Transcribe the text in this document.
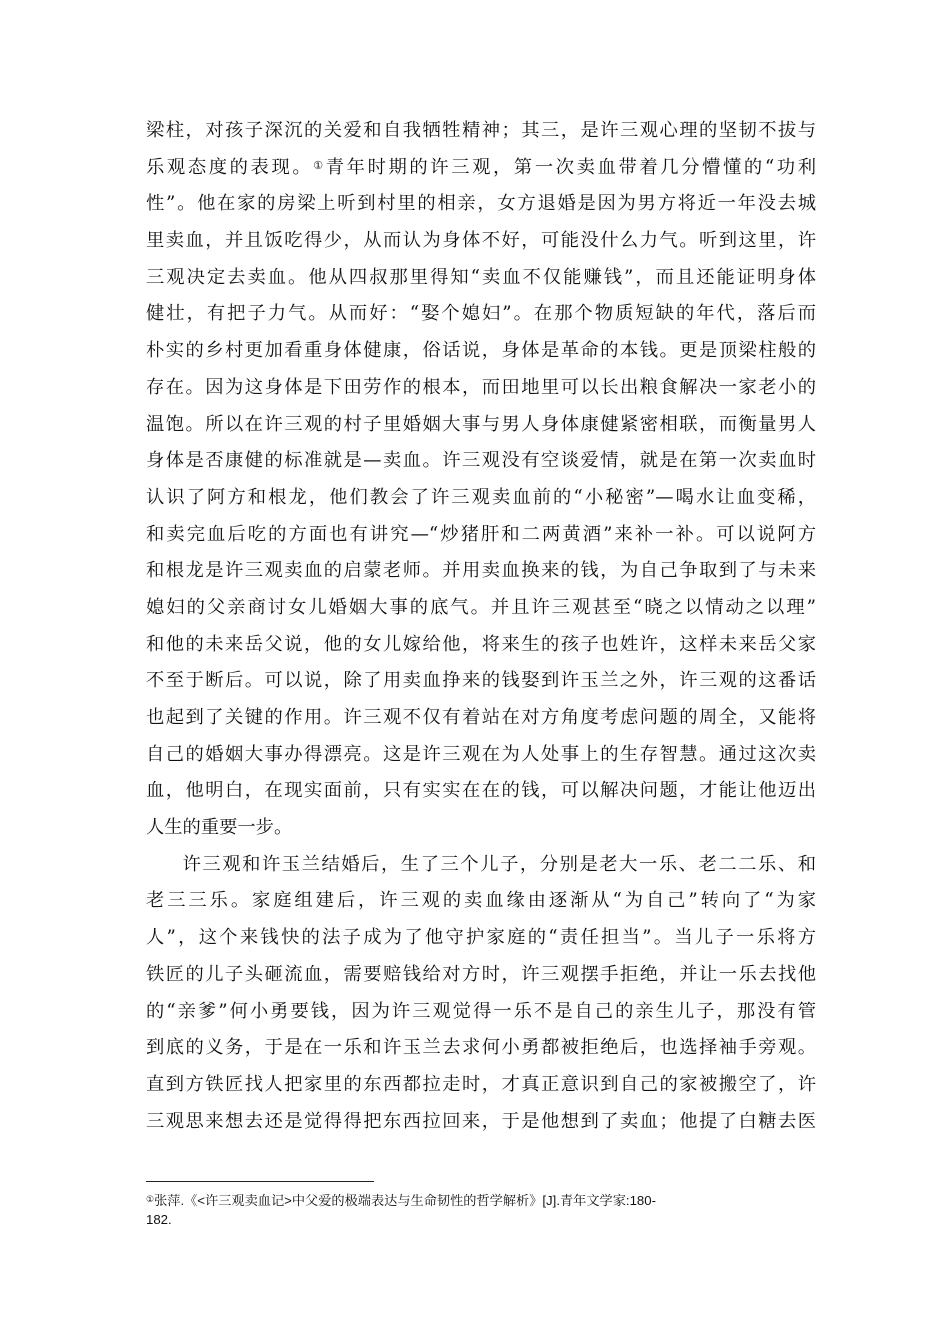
梁柱，对孩子深沉的关爱和自我牺牲精神；其三，是许三观心理的坚韧不拔与
乐观态度的表现。①青年时期的许三观，第一次卖血带着几分懵懂的“功利
性”。他在家的房梁上听到村里的相亲，女方退婚是因为男方将近一年没去城
里卖血，并且饭吃得少，从而认为身体不好，可能没什么力气。听到这里，许
三观决定去卖血。他从四叔那里得知“卖血不仅能赚钱”，而且还能证明身体
健壮，有把子力气。从而好：“娶个媳妇”。在那个物质短缺的年代，落后而
朴实的乡村更加看重身体健康，俗话说，身体是革命的本钱。更是顶梁柱般的
存在。因为这身体是下田劳作的根本，而田地里可以长出粮食解决一家老小的
温饱。所以在许三观的村子里婚姻大事与男人身体康健紧密相联，而衡量男人
身体是否康健的标准就是—卖血。许三观没有空谈爱情，就是在第一次卖血时
认识了阿方和根龙，他们教会了许三观卖血前的“小秘密”—喝水让血变稀，
和卖完血后吃的方面也有讲究—“炒猪肝和二两黄酒”来补一补。可以说阿方
和根龙是许三观卖血的启蒙老师。并用卖血换来的钱，为自己争取到了与未来
媳妇的父亲商讨女儿婚姻大事的底气。并且许三观甚至“晓之以情动之以理”
和他的未来岳父说，他的女儿嫁给他，将来生的孩子也姓许，这样未来岳父家
不至于断后。可以说，除了用卖血挣来的钱娶到许玉兰之外，许三观的这番话
也起到了关键的作用。许三观不仅有着站在对方角度考虑问题的周全，又能将
自己的婚姻大事办得漂亮。这是许三观在为人处事上的生存智慧。通过这次卖
血，他明白，在现实面前，只有实实在在的钱，可以解决问题，才能让他迈出
人生的重要一步。
许三观和许玉兰结婚后，生了三个儿子，分别是老大一乐、老二二乐、和
老三三乐。家庭组建后，许三观的卖血缘由逐渐从“为自己”转向了“为家
人”，这个来钱快的法子成为了他守护家庭的“责任担当”。当儿子一乐将方
铁匠的儿子头砸流血，需要赔钱给对方时，许三观摆手拒绝，并让一乐去找他
的“亲爹”何小勇要钱，因为许三观觉得一乐不是自己的亲生儿子，那没有管
到底的义务，于是在一乐和许玉兰去求何小勇都被拒绝后，也选择袖手旁观。
直到方铁匠找人把家里的东西都拉走时，才真正意识到自己的家被搬空了，许
三观思来想去还是觉得得把东西拉回来，于是他想到了卖血；他提了白糖去医
①张萍.《<许三观卖血记>中父爱的极端表达与生命韧性的哲学解析》[J].青年文学家:180-
182.
